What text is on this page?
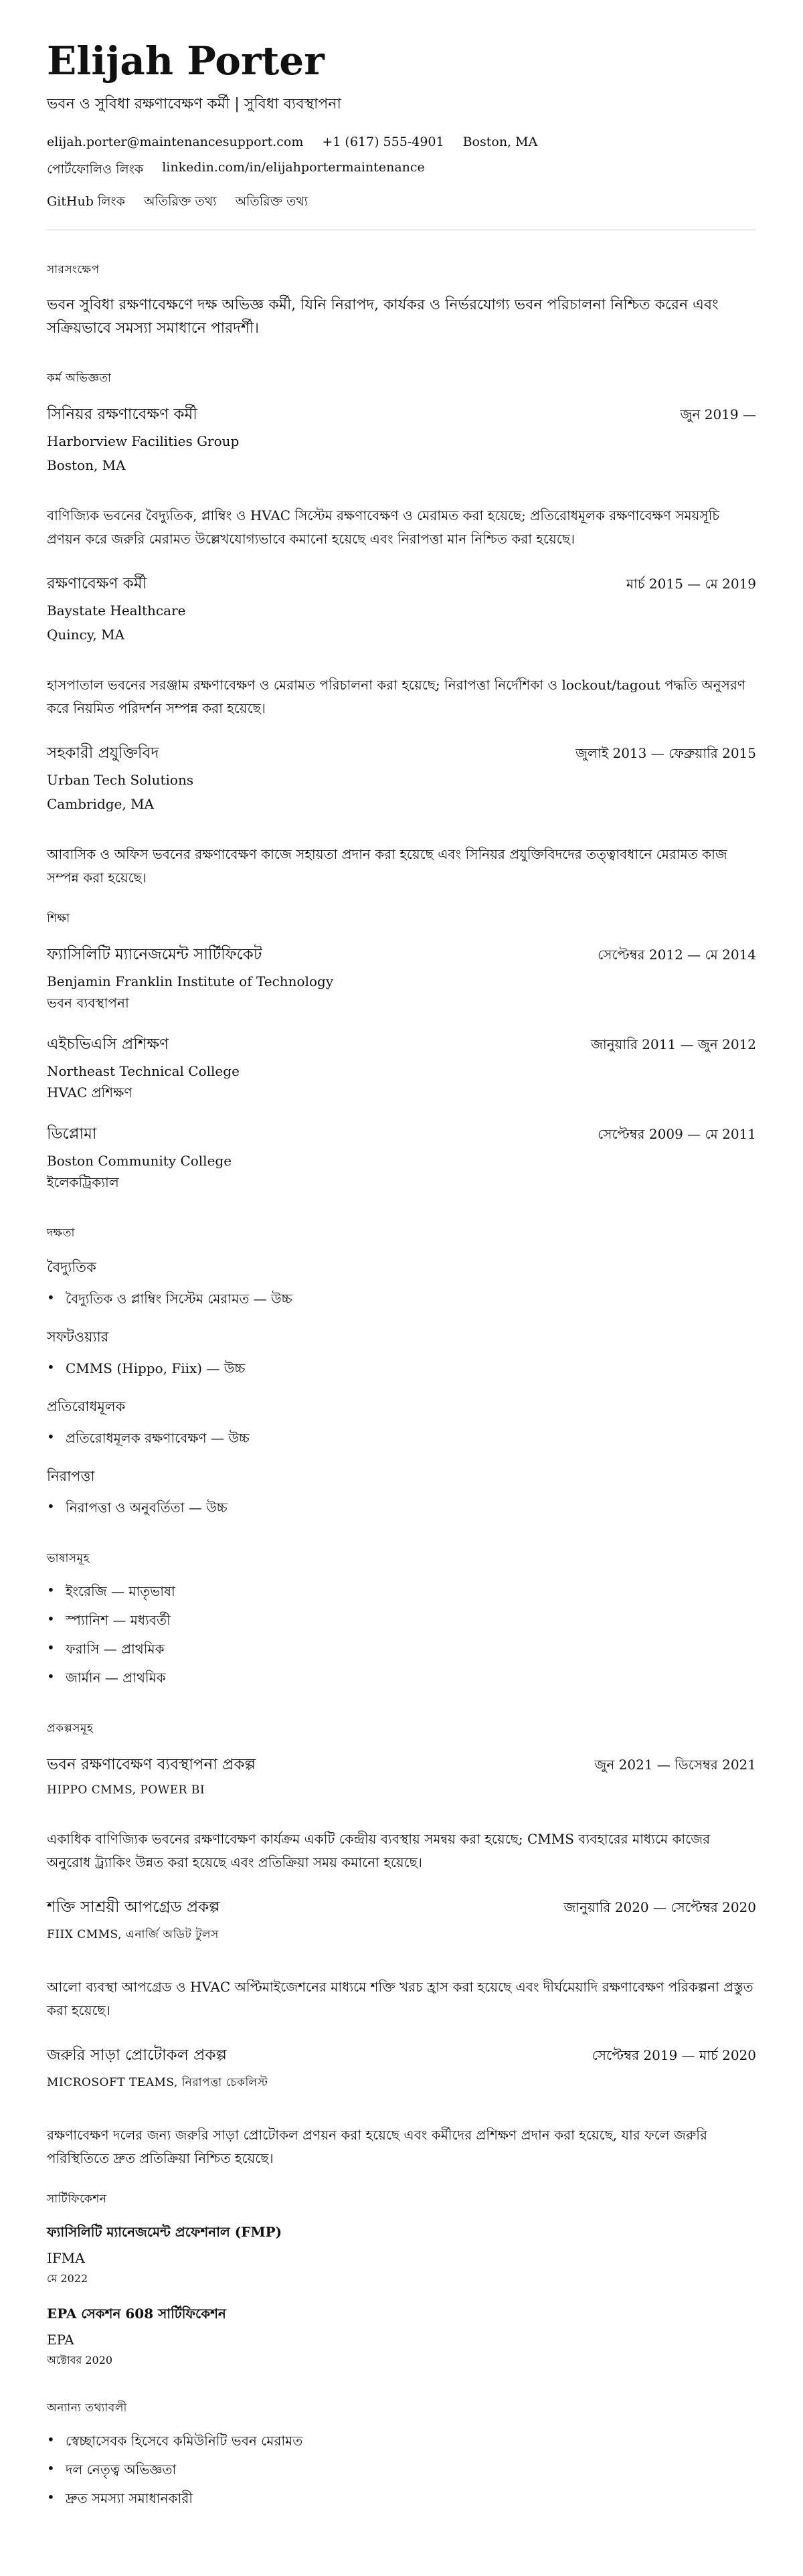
Elijah Porter
ভবন ও সুবিধা রক্ষণাবেক্ষণ কর্মী | সুবিধা ব্যবস্থাপনা
elijah.porter@maintenancesupport.com +1 (617) 555-4901 Boston, MA
পোর্টফোলিও লিংক linkedin.com/in/elijahportermaintenance
GitHub লিংক অতিরিক্ত তথ্য অতিরিক্ত তথ্য
সারসংক্ষেপ

ভবন সুবিধা রক্ষণাবেক্ষণে দক্ষ অভিজ্ঞ কর্মী, যিনি নিরাপদ, কার্যকর ও নির্ভরযোগ্য ভবন পরিচালনা নিশ্চিত করেন এবং সক্রিয়ভাবে সমস্যা সমাধানে পারদর্শী।

কর্ম অভিজ্ঞতা
সিনিয়র রক্ষণাবেক্ষণ কর্মী	জুন 2019 —
Harborview Facilities Group
Boston, MA

বাণিজ্যিক ভবনের বৈদ্যুতিক, প্লাম্বিং ও HVAC সিস্টেম রক্ষণাবেক্ষণ ও মেরামত করা হয়েছে; প্রতিরোধমূলক রক্ষণাবেক্ষণ সময়সূচি প্রণয়ন করে জরুরি মেরামত উল্লেখযোগ্যভাবে কমানো হয়েছে এবং নিরাপত্তা মান নিশ্চিত করা হয়েছে।

রক্ষণাবেক্ষণ কর্মী	মার্চ 2015 — মে 2019
Baystate Healthcare
Quincy, MA

হাসপাতাল ভবনের সরঞ্জাম রক্ষণাবেক্ষণ ও মেরামত পরিচালনা করা হয়েছে; নিরাপত্তা নির্দেশিকা ও lockout/tagout পদ্ধতি অনুসরণ করে নিয়মিত পরিদর্শন সম্পন্ন করা হয়েছে।

সহকারী প্রযুক্তিবিদ	জুলাই 2013 — ফেব্রুয়ারি 2015
Urban Tech Solutions
Cambridge, MA

আবাসিক ও অফিস ভবনের রক্ষণাবেক্ষণ কাজে সহায়তা প্রদান করা হয়েছে এবং সিনিয়র প্রযুক্তিবিদদের তত্ত্বাবধানে মেরামত কাজ সম্পন্ন করা হয়েছে।

শিক্ষা
ফ্যাসিলিটি ম্যানেজমেন্ট সার্টিফিকেট	সেপ্টেম্বর 2012 — মে 2014
Benjamin Franklin Institute of Technology
ভবন ব্যবস্থাপনা
এইচভিএসি প্রশিক্ষণ	জানুয়ারি 2011 — জুন 2012
Northeast Technical College
HVAC প্রশিক্ষণ
ডিপ্লোমা	সেপ্টেম্বর 2009 — মে 2011
Boston Community College
ইলেকট্রিক্যাল
দক্ষতা
বৈদ্যুতিক
• বৈদ্যুতিক ও প্লাম্বিং সিস্টেম মেরামত — উচ্চ
সফটওয়্যার
• CMMS (Hippo, Fiix) — উচ্চ
প্রতিরোধমূলক
• প্রতিরোধমূলক রক্ষণাবেক্ষণ — উচ্চ
নিরাপত্তা
• নিরাপত্তা ও অনুবর্তিতা — উচ্চ
ভাষাসমূহ
• ইংরেজি — মাতৃভাষা
• স্প্যানিশ — মধ্যবর্তী
• ফরাসি — প্রাথমিক
• জার্মান — প্রাথমিক
প্রকল্পসমূহ
ভবন রক্ষণাবেক্ষণ ব্যবস্থাপনা প্রকল্প	জুন 2021 — ডিসেম্বর 2021
HIPPO CMMS, POWER BI

একাধিক বাণিজ্যিক ভবনের রক্ষণাবেক্ষণ কার্যক্রম একটি কেন্দ্রীয় ব্যবস্থায় সমন্বয় করা হয়েছে; CMMS ব্যবহারের মাধ্যমে কাজের অনুরোধ ট্র্যাকিং উন্নত করা হয়েছে এবং প্রতিক্রিয়া সময় কমানো হয়েছে।

শক্তি সাশ্রয়ী আপগ্রেড প্রকল্প	জানুয়ারি 2020 — সেপ্টেম্বর 2020
FIIX CMMS, এনার্জি অডিট টুলস

আলো ব্যবস্থা আপগ্রেড ও HVAC অপ্টিমাইজেশনের মাধ্যমে শক্তি খরচ হ্রাস করা হয়েছে এবং দীর্ঘমেয়াদি রক্ষণাবেক্ষণ পরিকল্পনা প্রস্তুত করা হয়েছে।

জরুরি সাড়া প্রোটোকল প্রকল্প	সেপ্টেম্বর 2019 — মার্চ 2020
MICROSOFT TEAMS, নিরাপত্তা চেকলিস্ট

রক্ষণাবেক্ষণ দলের জন্য জরুরি সাড়া প্রোটোকল প্রণয়ন করা হয়েছে এবং কর্মীদের প্রশিক্ষণ প্রদান করা হয়েছে, যার ফলে জরুরি পরিস্থিতিতে দ্রুত প্রতিক্রিয়া নিশ্চিত হয়েছে।

সার্টিফিকেশন
ফ্যাসিলিটি ম্যানেজমেন্ট প্রফেশনাল (FMP)
IFMA
মে 2022
EPA সেকশন 608 সার্টিফিকেশন
EPA
অক্টোবর 2020
অন্যান্য তথ্যাবলী
• স্বেচ্ছাসেবক হিসেবে কমিউনিটি ভবন মেরামত
• দল নেতৃত্ব অভিজ্ঞতা
• দ্রুত সমস্যা সমাধানকারী
